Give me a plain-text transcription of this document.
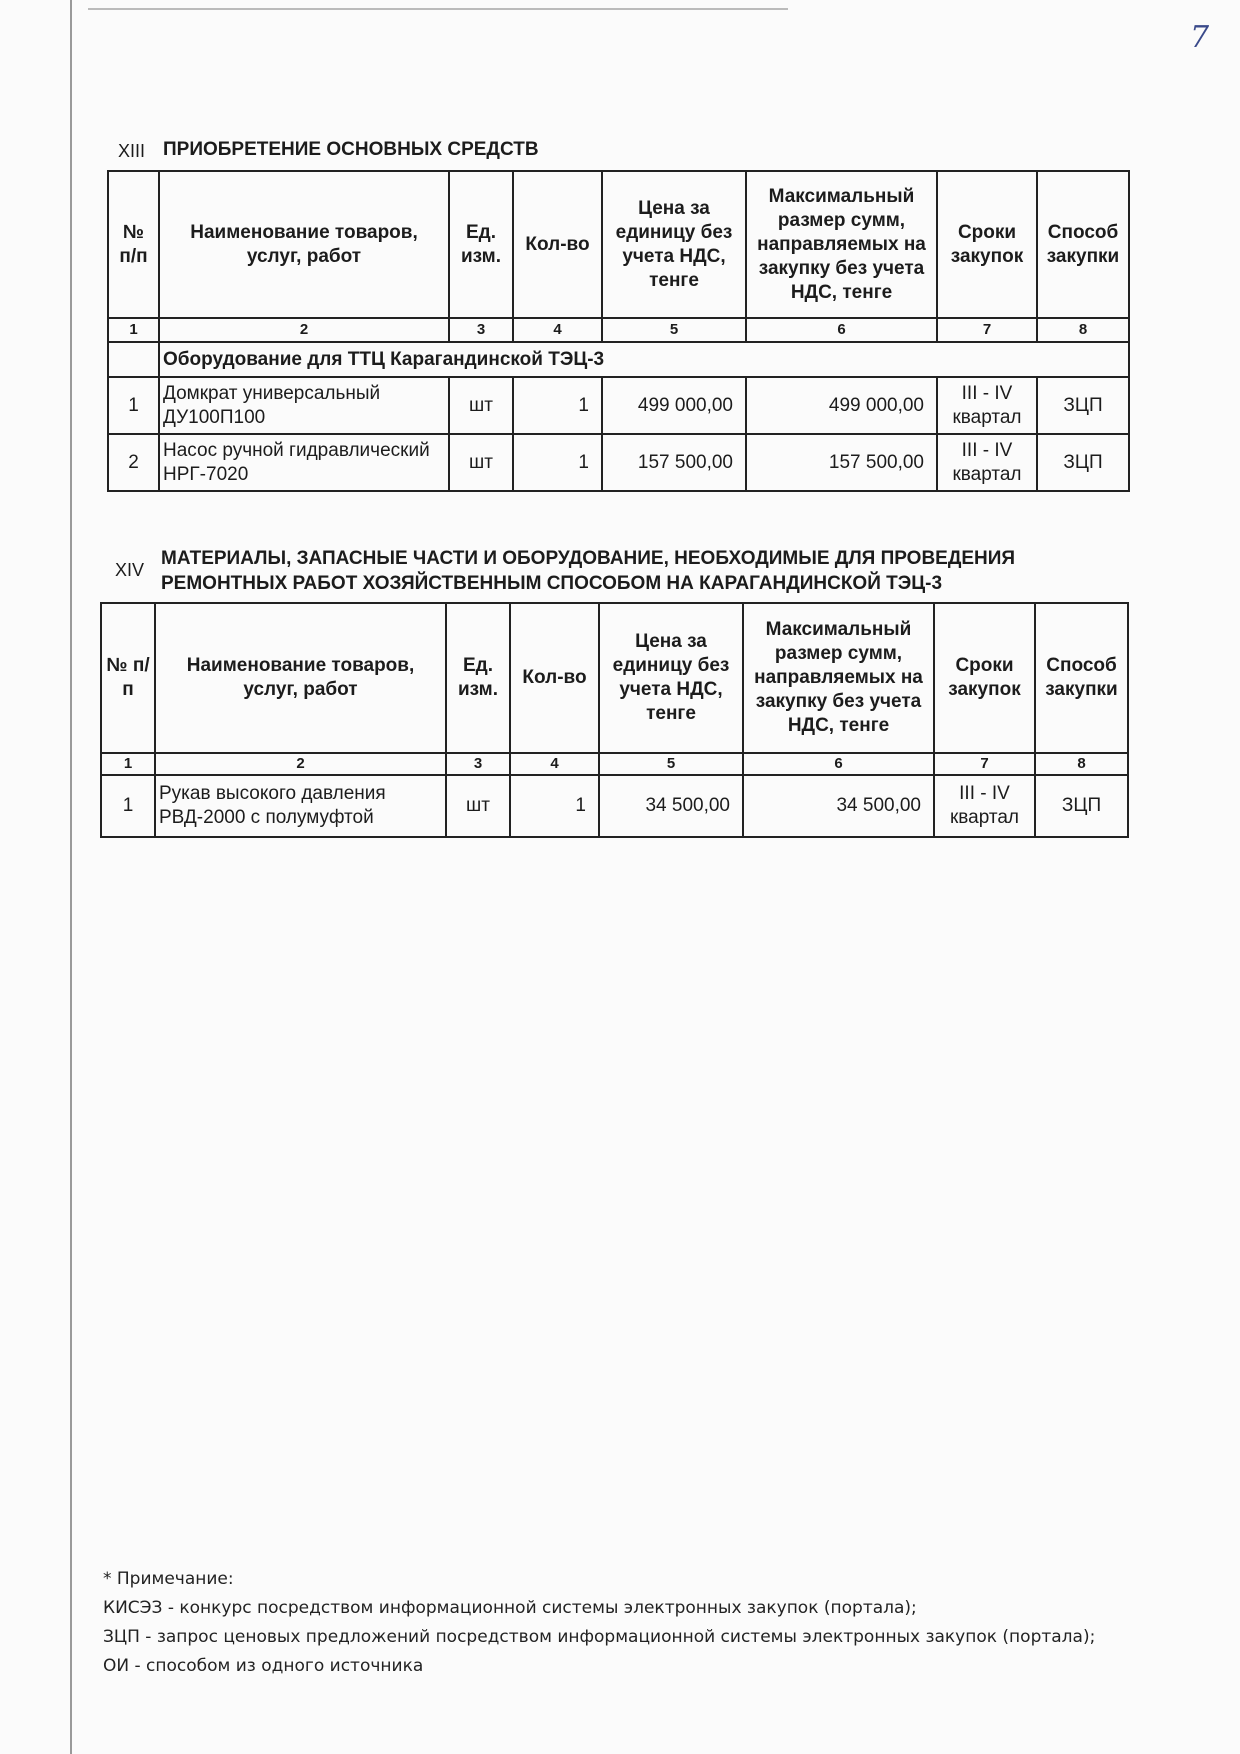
7
XIII ПРИОБРЕТЕНИЕ ОСНОВНЫХ СРЕДСТВ
№ п/п	Наименование товаров, услуг, работ	Ед. изм.	Кол-во	Цена за единицу без учета НДС, тенге	Максимальный размер сумм, направляемых на закупку без учета НДС, тенге	Сроки закупок	Способ закупки
1	2	3	4	5	6	7	8
	Оборудование для ТТЦ Карагандинской ТЭЦ-3						
1	Домкрат универсальный ДУ100П100	шт	1	499 000,00	499 000,00	III - IV квартал	ЗЦП
2	Насос ручной гидравлический НРГ-7020	шт	1	157 500,00	157 500,00	III - IV квартал	ЗЦП
XIV
МАТЕРИАЛЫ, ЗАПАСНЫЕ ЧАСТИ И ОБОРУДОВАНИЕ, НЕОБХОДИМЫЕ ДЛЯ ПРОВЕДЕНИЯ РЕМОНТНЫХ РАБОТ ХОЗЯЙСТВЕННЫМ СПОСОБОМ НА КАРАГАНДИНСКОЙ ТЭЦ-3
№ п/п	Наименование товаров, услуг, работ	Ед. изм.	Кол-во	Цена за единицу без учета НДС, тенге	Максимальный размер сумм, направляемых на закупку без учета НДС, тенге	Сроки закупок	Способ закупки
1	2	3	4	5	6	7	8
1	Рукав высокого давления РВД-2000 с полумуфтой	шт	1	34 500,00	34 500,00	III - IV квартал	ЗЦП
* Примечание:
КИСЭЗ - конкурс посредством информационной системы электронных закупок (портала);
ЗЦП - запрос ценовых предложений посредством информационной системы электронных закупок (портала);
ОИ - способом из одного источника
